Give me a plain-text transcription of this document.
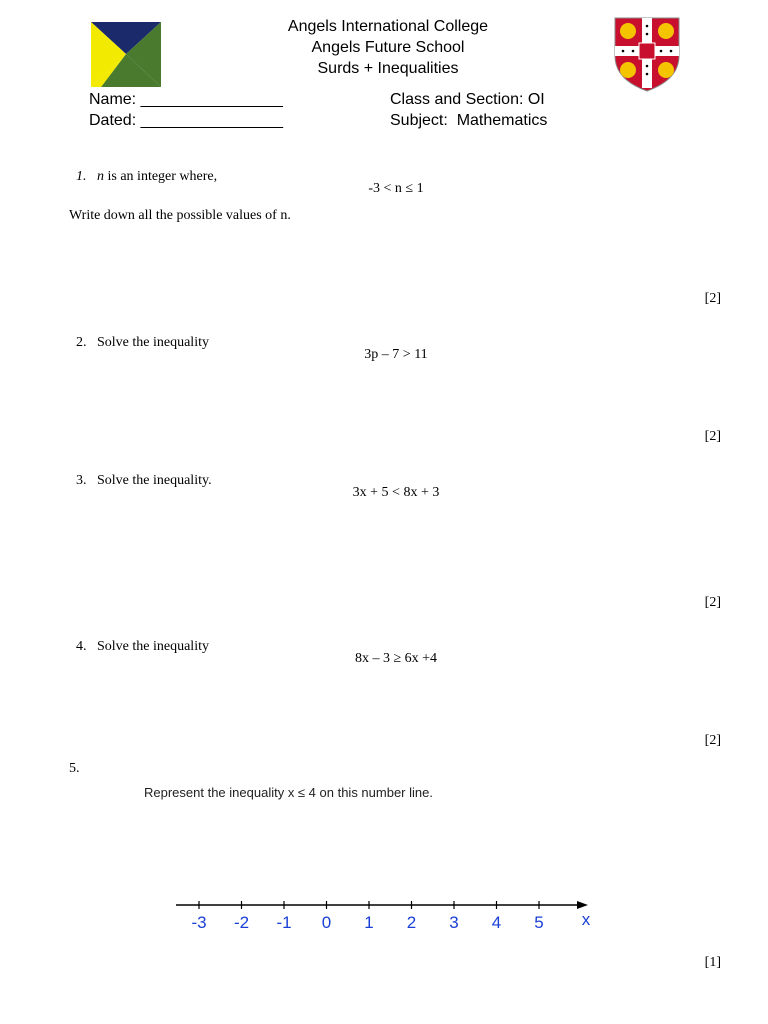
Angels International College
Angels Future School
Surds + Inequalities
Name: ________________
Dated: ________________
Class and Section: OI
Subject:  Mathematics

1. n is an integer where,

-3 < n ≤ 1
Write down all the possible values of n.
[2]

2. Solve the inequality

3p – 7 > 11
[2]

3. Solve the inequality.

3x + 5 < 8x + 3
[2]

4. Solve the inequality

8x – 3 ≥ 6x +4
[2]
5.
Represent the inequality x ≤ 4 on this number line.
-3 -2 -1 0 1 2 3 4 5 x
[1]
